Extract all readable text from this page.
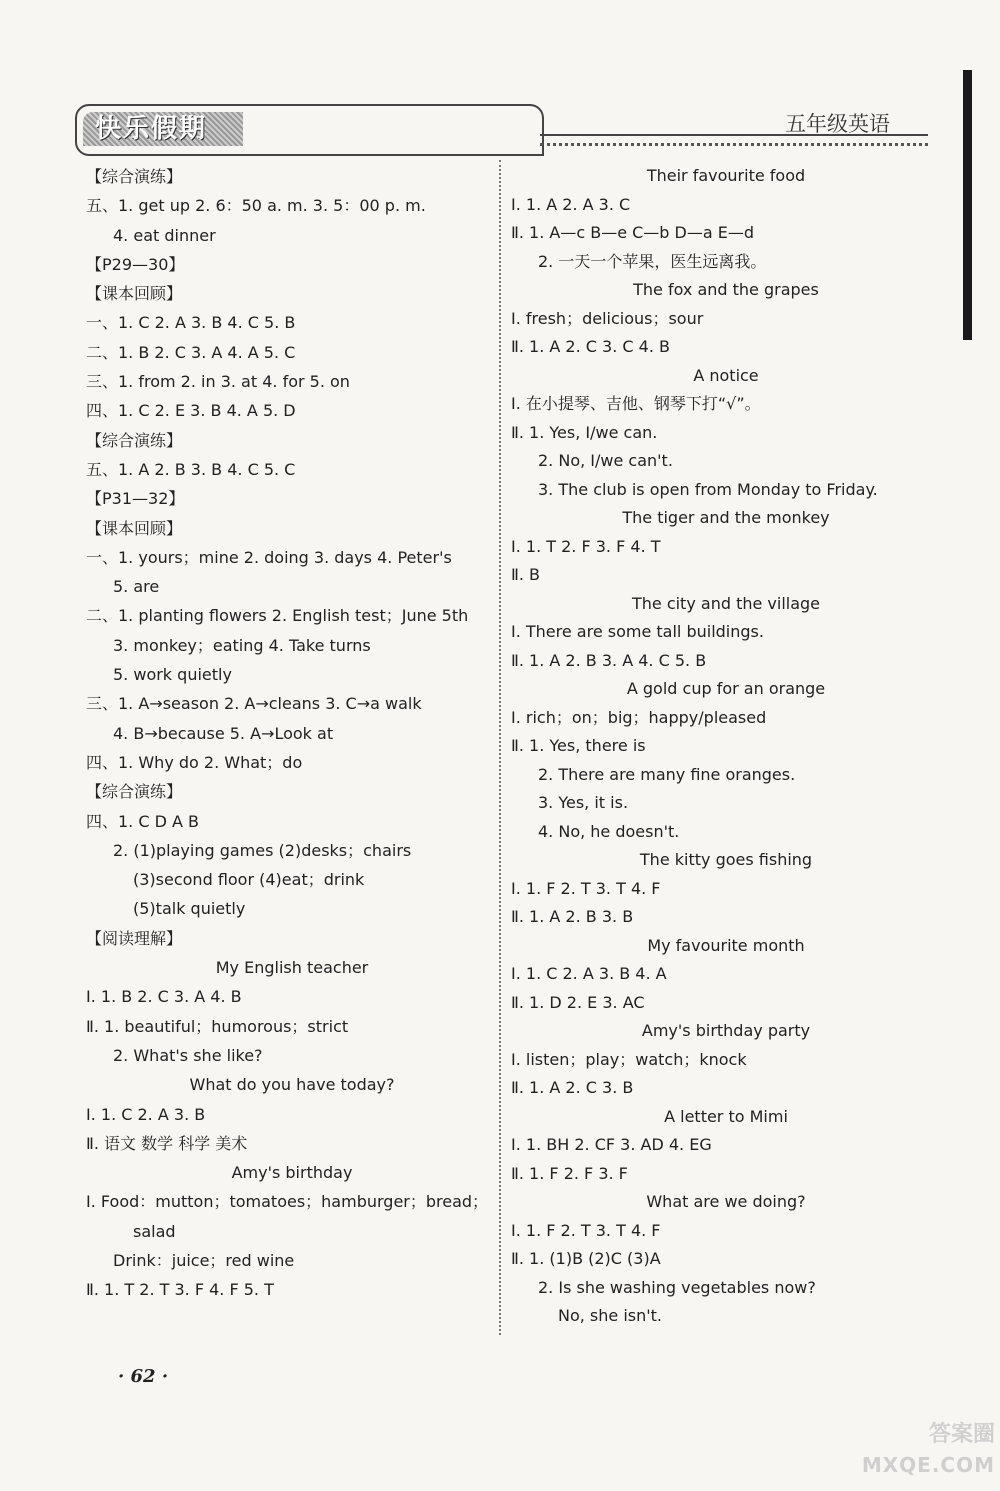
快乐假期	五年级英语
【综合演练】
五、1. get up 2. 6：50 a. m. 3. 5：00 p. m.
4. eat dinner
【P29—30】
【课本回顾】
一、1. C 2. A 3. B 4. C 5. B
二、1. B 2. C 3. A 4. A 5. C
三、1. from 2. in 3. at 4. for 5. on
四、1. C 2. E 3. B 4. A 5. D
【综合演练】
五、1. A 2. B 3. B 4. C 5. C
【P31—32】
【课本回顾】
一、1. yours；mine 2. doing 3. days 4. Peter's
5. are
二、1. planting flowers 2. English test；June 5th
3. monkey；eating 4. Take turns
5. work quietly
三、1. A→season 2. A→cleans 3. C→a walk
4. B→because 5. A→Look at
四、1. Why do 2. What；do
【综合演练】
四、1. C D A B
2. (1)playing games (2)desks；chairs
(3)second floor (4)eat；drink
(5)talk quietly
【阅读理解】
My English teacher
Ⅰ. 1. B 2. C 3. A 4. B
Ⅱ. 1. beautiful；humorous；strict
2. What's she like?
What do you have today?
Ⅰ. 1. C 2. A 3. B
Ⅱ. 语文 数学 科学 美术
Amy's birthday
Ⅰ. Food：mutton；tomatoes；hamburger；bread；
salad
Drink：juice；red wine
Ⅱ. 1. T 2. T 3. F 4. F 5. T
Their favourite food
Ⅰ. 1. A 2. A 3. C
Ⅱ. 1. A—c B—e C—b D—a E—d
2. 一天一个苹果，医生远离我。
The fox and the grapes
Ⅰ. fresh；delicious；sour
Ⅱ. 1. A 2. C 3. C 4. B
A notice
Ⅰ. 在小提琴、吉他、钢琴下打“√”。
Ⅱ. 1. Yes, I/we can.
2. No, I/we can't.
3. The club is open from Monday to Friday.
The tiger and the monkey
Ⅰ. 1. T 2. F 3. F 4. T
Ⅱ. B
The city and the village
Ⅰ. There are some tall buildings.
Ⅱ. 1. A 2. B 3. A 4. C 5. B
A gold cup for an orange
Ⅰ. rich；on；big；happy/pleased
Ⅱ. 1. Yes, there is
2. There are many fine oranges.
3. Yes, it is.
4. No, he doesn't.
The kitty goes fishing
Ⅰ. 1. F 2. T 3. T 4. F
Ⅱ. 1. A 2. B 3. B
My favourite month
Ⅰ. 1. C 2. A 3. B 4. A
Ⅱ. 1. D 2. E 3. AC
Amy's birthday party
Ⅰ. listen；play；watch；knock
Ⅱ. 1. A 2. C 3. B
A letter to Mimi
Ⅰ. 1. BH 2. CF 3. AD 4. EG
Ⅱ. 1. F 2. F 3. F
What are we doing?
Ⅰ. 1. F 2. T 3. T 4. F
Ⅱ. 1. (1)B (2)C (3)A
2. Is she washing vegetables now?
No, she isn't.
· 62 ·
答案圈
MXQE.COM
